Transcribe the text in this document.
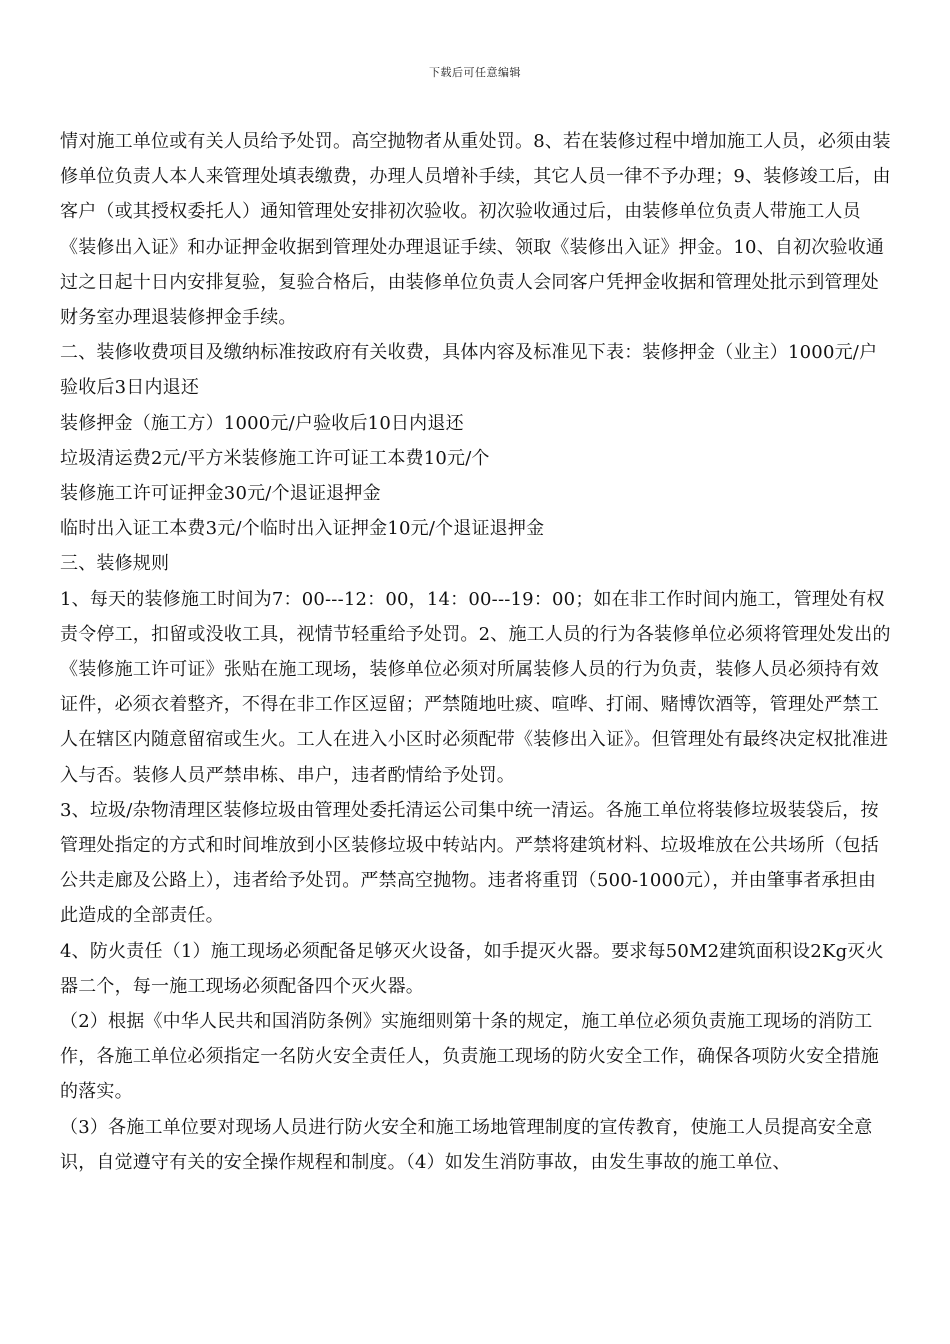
下载后可任意编辑

情对施工单位或有关人员给予处罚。高空抛物者从重处罚。8、若在装修过程中增加施工人员，必须由装修单位负责人本人来管理处填表缴费，办理人员增补手续，其它人员一律不予办理；9、装修竣工后，由客户（或其授权委托人）通知管理处安排初次验收。初次验收通过后，由装修单位负责人带施工人员《装修出入证》和办证押金收据到管理处办理退证手续、领取《装修出入证》押金。10、自初次验收通过之日起十日内安排复验，复验合格后，由装修单位负责人会同客户凭押金收据和管理处批示到管理处财务室办理退装修押金手续。

二、装修收费项目及缴纳标准按政府有关收费，具体内容及标准见下表：装修押金（业主）1000元/户验收后3日内退还

装修押金（施工方）1000元/户验收后10日内退还

垃圾清运费2元/平方米装修施工许可证工本费10元/个

装修施工许可证押金30元/个退证退押金

临时出入证工本费3元/个临时出入证押金10元/个退证退押金

三、装修规则

1、每天的装修施工时间为7：00---12：00，14：00---19：00；如在非工作时间内施工，管理处有权责令停工，扣留或没收工具，视情节轻重给予处罚。2、施工人员的行为各装修单位必须将管理处发出的《装修施工许可证》张贴在施工现场，装修单位必须对所属装修人员的行为负责，装修人员必须持有效证件，必须衣着整齐，不得在非工作区逗留；严禁随地吐痰、喧哗、打闹、赌博饮酒等，管理处严禁工人在辖区内随意留宿或生火。工人在进入小区时必须配带《装修出入证》。但管理处有最终决定权批准进入与否。装修人员严禁串栋、串户，违者酌情给予处罚。

3、垃圾/杂物清理区装修垃圾由管理处委托清运公司集中统一清运。各施工单位将装修垃圾装袋后，按管理处指定的方式和时间堆放到小区装修垃圾中转站内。严禁将建筑材料、垃圾堆放在公共场所（包括公共走廊及公路上），违者给予处罚。严禁高空抛物。违者将重罚（500-1000元），并由肇事者承担由此造成的全部责任。

4、防火责任（1）施工现场必须配备足够灭火设备，如手提灭火器。要求每50M2建筑面积设2Kg灭火器二个，每一施工现场必须配备四个灭火器。

（2）根据《中华人民共和国消防条例》实施细则第十条的规定，施工单位必须负责施工现场的消防工作，各施工单位必须指定一名防火安全责任人，负责施工现场的防火安全工作，确保各项防火安全措施的落实。

（3）各施工单位要对现场人员进行防火安全和施工场地管理制度的宣传教育，使施工人员提高安全意识，自觉遵守有关的安全操作规程和制度。（4）如发生消防事故，由发生事故的施工单位、
